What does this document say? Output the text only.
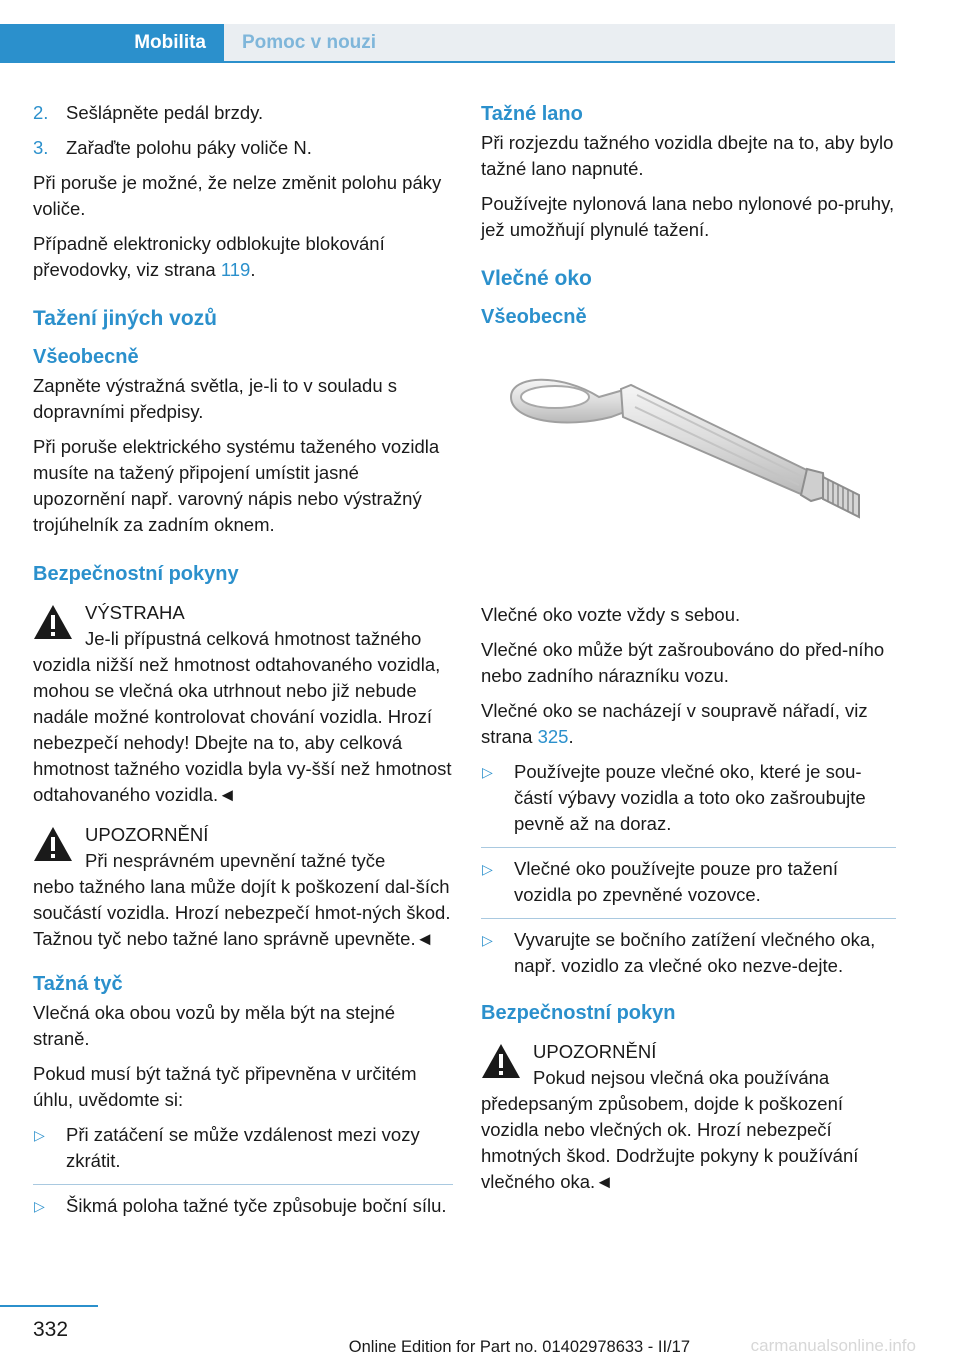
Mobilita	Pomoc v nouzi
2. Sešlápněte pedál brzdy.
3. Zařaďte polohu páky voliče N.

Při poruše je možné, že nelze změnit polohu páky voliče.

Případně elektronicky odblokujte blokování převodovky, viz strana 119.

Tažení jiných vozů
Všeobecně

Zapněte výstražná světla, je-li to v souladu s dopravními předpisy.

Při poruše elektrického systému taženého vozidla musíte na tažený připojení umístit jasné upozornění např. varovný nápis nebo výstražný trojúhelník za zadním oknem.

Bezpečnostní pokyny
VÝSTRAHA
Je-li přípustná celková hmotnost tažného
vozidla nižší než hmotnost odtahovaného vozidla, mohou se vlečná oka utrhnout nebo již nebude nadále možné kontrolovat chování vozidla. Hrozí nebezpečí nehody! Dbejte na to, aby celková hmotnost tažného vozidla byla vy‐šší než hmotnost odtahovaného vozidla.◄
UPOZORNĚNÍ
Při nesprávném upevnění tažné tyče
nebo tažného lana může dojít k poškození dal‐ších součástí vozidla. Hrozí nebezpečí hmot‐ných škod. Tažnou tyč nebo tažné lano správně upevněte.◄
Tažná tyč

Vlečná oka obou vozů by měla být na stejné straně.

Pokud musí být tažná tyč připevněna v určitém úhlu, uvědomte si:

▷ Při zatáčení se může vzdálenost mezi vozy zkrátit.
▷ Šikmá poloha tažné tyče způsobuje boční sílu.
Tažné lano

Při rozjezdu tažného vozidla dbejte na to, aby bylo tažné lano napnuté.

Používejte nylonová lana nebo nylonové po‐pruhy, jež umožňují plynulé tažení.

Vlečné oko
Všeobecně

Vlečné oko vozte vždy s sebou.

Vlečné oko může být zašroubováno do před‐ního nebo zadního nárazníku vozu.

Vlečné oko se nacházejí v soupravě nářadí, viz strana 325.

▷ Používejte pouze vlečné oko, které je sou‐částí výbavy vozidla a toto oko zašroubujte pevně až na doraz.
▷ Vlečné oko používejte pouze pro tažení vozidla po zpevněné vozovce.
▷ Vyvarujte se bočního zatížení vlečného oka, např. vozidlo za vlečné oko nezve‐dejte.
Bezpečnostní pokyn
UPOZORNĚNÍ
Pokud nejsou vlečná oka používána
předepsaným způsobem, dojde k poškození vozidla nebo vlečných ok. Hrozí nebezpečí hmotných škod. Dodržujte pokyny k používání vlečného oka.◄
332
Online Edition for Part no. 01402978633 - II/17	carmanualsonline.info
